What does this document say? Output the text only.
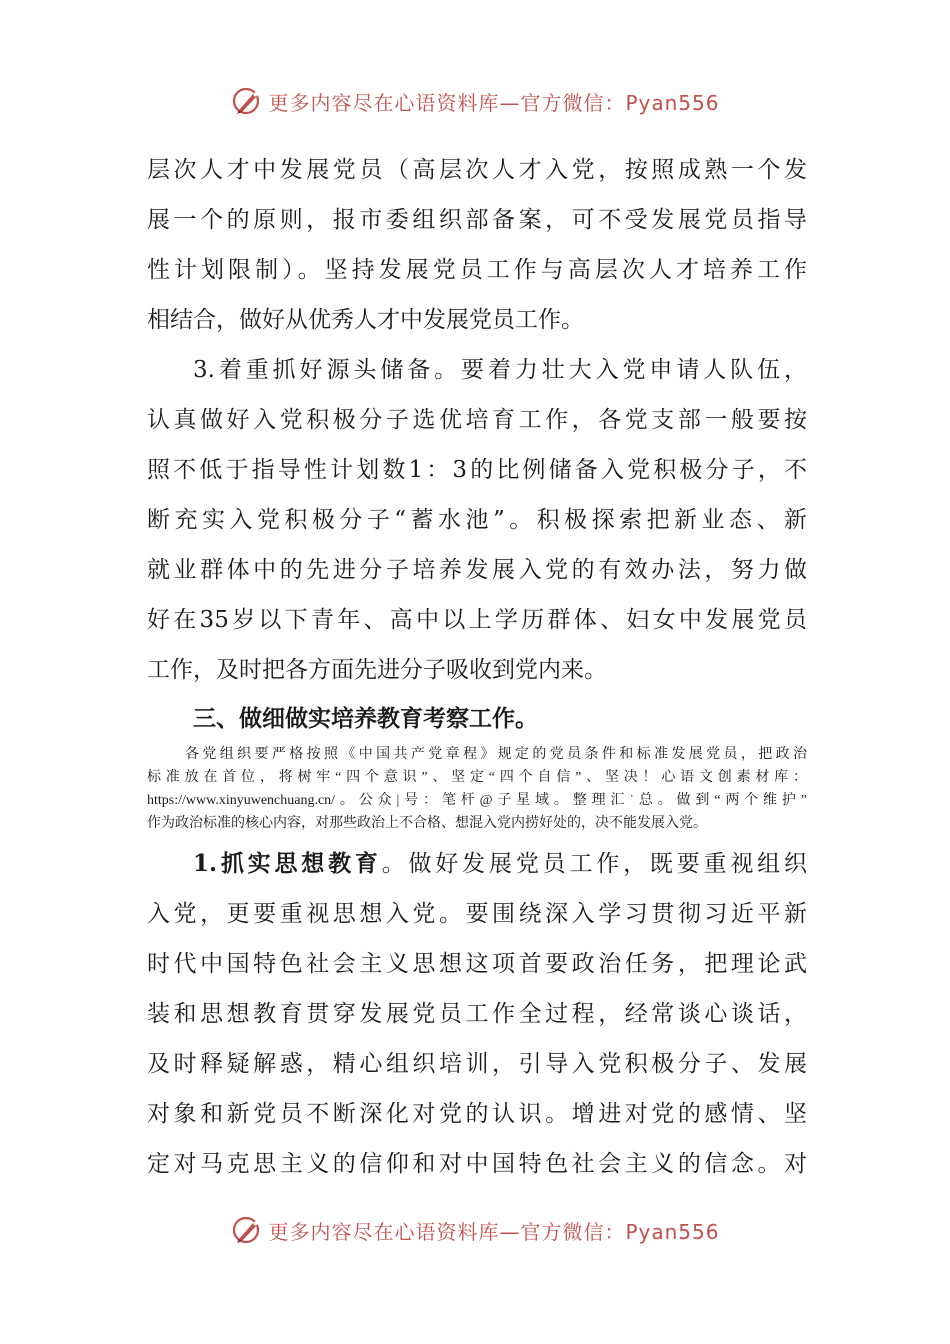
更多内容尽在心语资料库—官方微信：Pyan556
层次人才中发展党员（高层次人才入党，按照成熟一个发
展一个的原则，报市委组织部备案，可不受发展党员指导
性计划限制）。坚持发展党员工作与高层次人才培养工作
相结合，做好从优秀人才中发展党员工作。
3.着重抓好源头储备。要着力壮大入党申请人队伍，
认真做好入党积极分子选优培育工作，各党支部一般要按
照不低于指导性计划数1：3的比例储备入党积极分子，不
断充实入党积极分子“蓄水池”。积极探索把新业态、新
就业群体中的先进分子培养发展入党的有效办法，努力做
好在35岁以下青年、高中以上学历群体、妇女中发展党员
工作，及时把各方面先进分子吸收到党内来。
三、做细做实培养教育考察工作。
各党组织要严格按照《中国共产党章程》规定的党员条件和标准发展党员，把政治
标准放在首位，将树牢“四个意识”、坚定“四个自信”、坚决！心语文创素材库：
https://www.xinyuwenchuang.cn/。公众|号：笔杆@子星域。整理汇˙总。做到“两个维护”
作为政治标准的核心内容，对那些政治上不合格、想混入党内捞好处的，决不能发展入党。
1.抓实思想教育。做好发展党员工作，既要重视组织
入党，更要重视思想入党。要围绕深入学习贯彻习近平新
时代中国特色社会主义思想这项首要政治任务，把理论武
装和思想教育贯穿发展党员工作全过程，经常谈心谈话，
及时释疑解惑，精心组织培训，引导入党积极分子、发展
对象和新党员不断深化对党的认识。增进对党的感情、坚
定对马克思主义的信仰和对中国特色社会主义的信念。对
更多内容尽在心语资料库—官方微信：Pyan556
